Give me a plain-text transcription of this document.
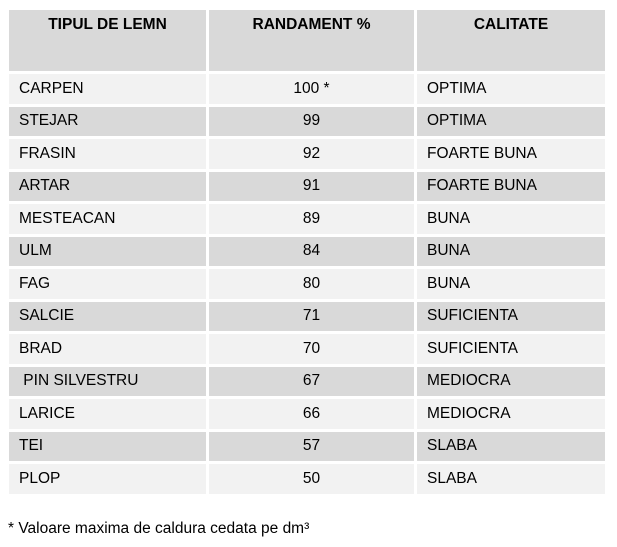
TIPUL DE LEMN	RANDAMENT %	CALITATE
CARPEN	100 *	OPTIMA
STEJAR	99	OPTIMA
FRASIN	92	FOARTE BUNA
ARTAR	91	FOARTE BUNA
MESTEACAN	89	BUNA
ULM	84	BUNA
FAG	80	BUNA
SALCIE	71	SUFICIENTA
BRAD	70	SUFICIENTA
PIN SILVESTRU	67	MEDIOCRA
LARICE	66	MEDIOCRA
TEI	57	SLABA
PLOP	50	SLABA
* Valoare maxima de caldura cedata pe dm³
